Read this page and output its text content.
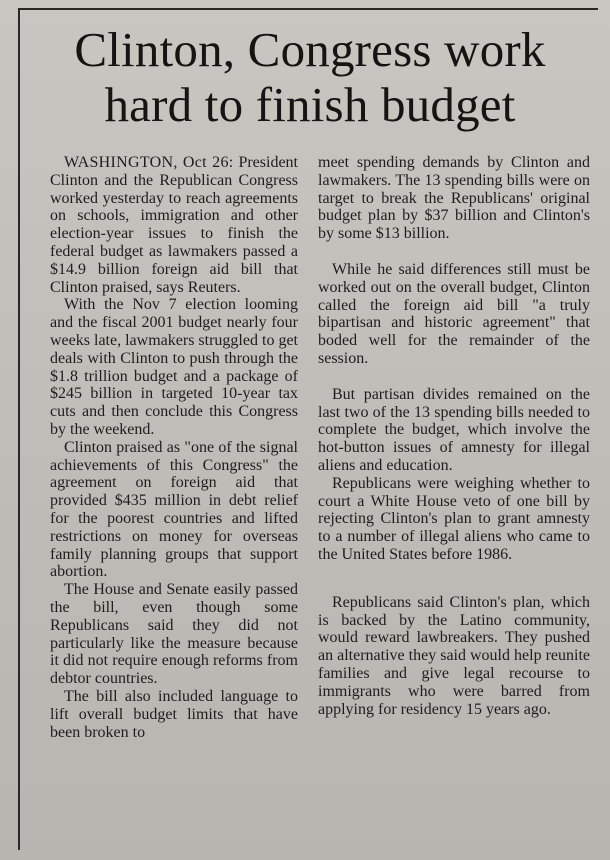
Clinton, Congress work
hard to finish budget

WASHINGTON, Oct 26: President Clinton and the Republican Congress worked yesterday to reach agreements on schools, immigration and other election-year issues to finish the federal budget as lawmakers passed a $14.9 billion foreign aid bill that Clinton praised, says Reuters.

With the Nov 7 election looming and the fiscal 2001 budget nearly four weeks late, lawmakers struggled to get deals with Clinton to push through the $1.8 trillion budget and a package of $245 billion in targeted 10-year tax cuts and then conclude this Congress by the weekend.

Clinton praised as "one of the signal achievements of this Congress" the agreement on foreign aid that provided $435 million in debt relief for the poorest countries and lifted restrictions on money for overseas family planning groups that support abortion.

The House and Senate easily passed the bill, even though some Republicans said they did not particularly like the measure because it did not require enough reforms from debtor countries.

The bill also included language to lift overall budget limits that have been broken to

meet spending demands by Clinton and lawmakers. The 13 spending bills were on target to break the Republicans' original budget plan by $37 billion and Clinton's by some $13 billion.

While he said differences still must be worked out on the overall budget, Clinton called the foreign aid bill "a truly bipartisan and historic agreement" that boded well for the remainder of the session.

But partisan divides remained on the last two of the 13 spending bills needed to complete the budget, which involve the hot-button issues of amnesty for illegal aliens and education.

Republicans were weighing whether to court a White House veto of one bill by rejecting Clinton's plan to grant amnesty to a number of illegal aliens who came to the United States before 1986.

Republicans said Clinton's plan, which is backed by the Latino community, would reward lawbreakers. They pushed an alternative they said would help reunite families and give legal recourse to immigrants who were barred from applying for residency 15 years ago.
